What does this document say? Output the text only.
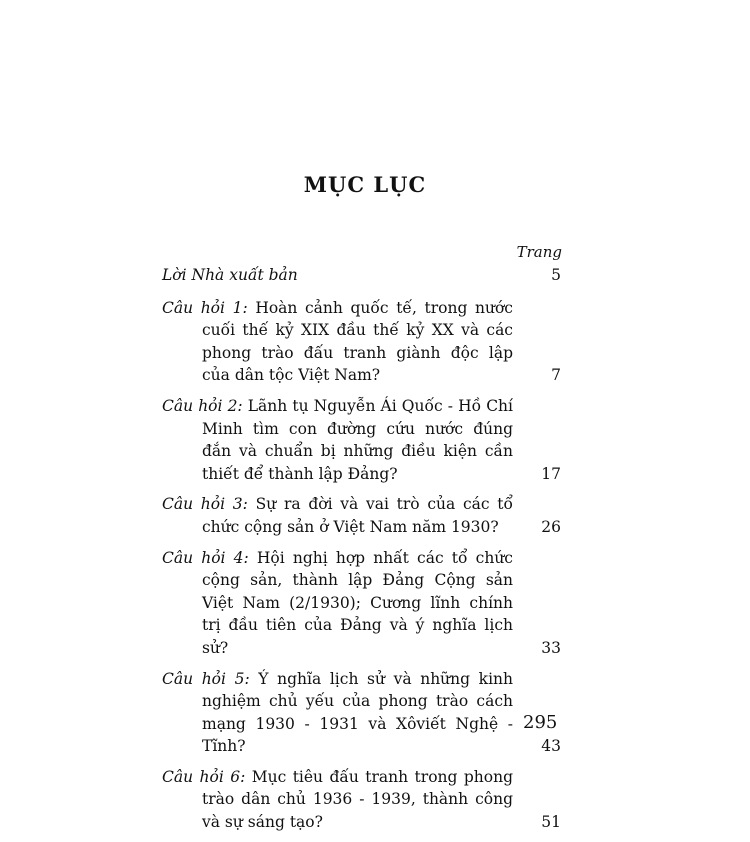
MỤC LỤC
Trang
Lời Nhà xuất bản	5
Câu hỏi 1: Hoàn cảnh quốc tế, trong nước cuối thế kỷ XIX đầu thế kỷ XX và các phong trào đấu tranh giành độc lập của dân tộc Việt Nam?	7
Câu hỏi 2: Lãnh tụ Nguyễn Ái Quốc - Hồ Chí Minh tìm con đường cứu nước đúng đắn và chuẩn bị những điều kiện cần thiết để thành lập Đảng?	17
Câu hỏi 3: Sự ra đời và vai trò của các tổ chức cộng sản ở Việt Nam năm 1930?	26
Câu hỏi 4: Hội nghị hợp nhất các tổ chức cộng sản, thành lập Đảng Cộng sản Việt Nam (2/1930); Cương lĩnh chính trị đầu tiên của Đảng và ý nghĩa lịch sử?	33
Câu hỏi 5: Ý nghĩa lịch sử và những kinh nghiệm chủ yếu của phong trào cách mạng 1930 - 1931 và Xôviết Nghệ - Tĩnh?	43
Câu hỏi 6: Mục tiêu đấu tranh trong phong trào dân chủ 1936 - 1939, thành công và sự sáng tạo?	51
295
